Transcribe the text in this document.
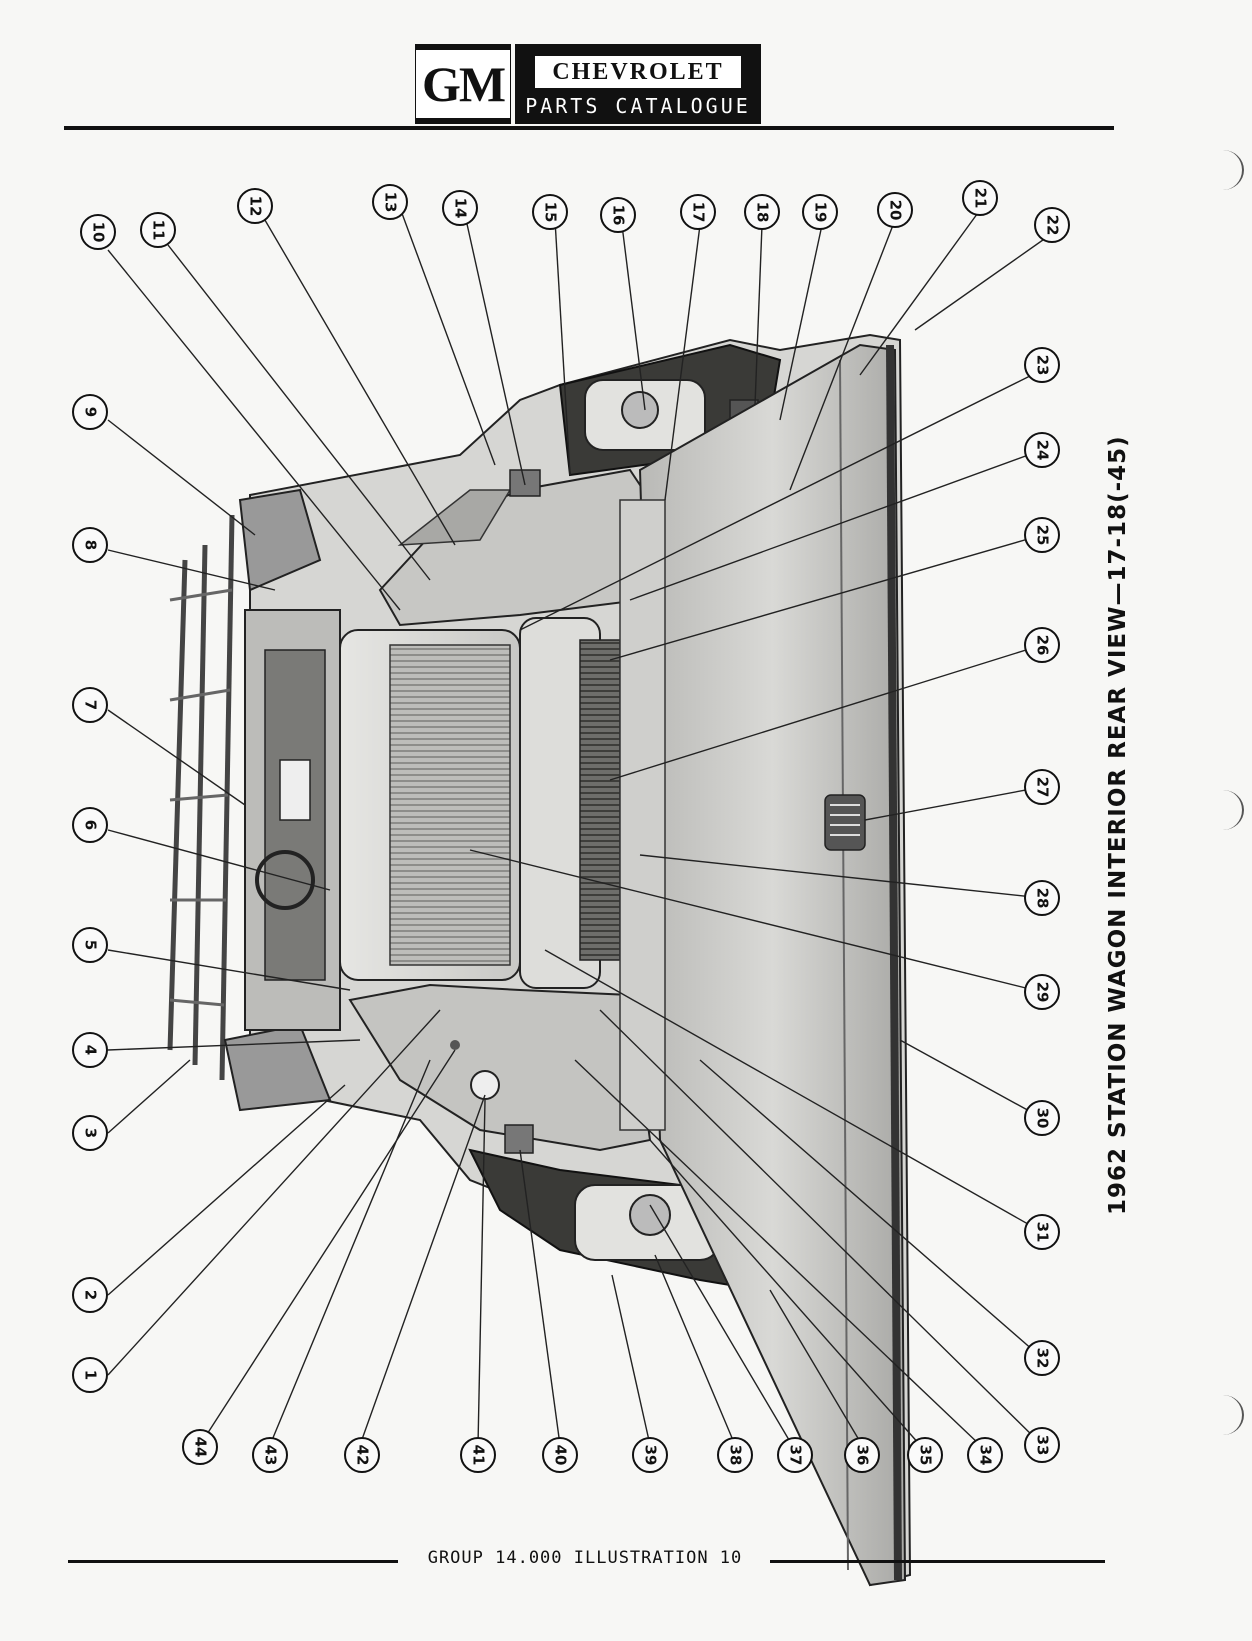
GM	CHEVROLET
PARTS CATALOGUE
1
2
3
4
5
6
7
8
9
10	11
12	13	14	15	16	17	18	19	20
21
22
23
24
25
26
27
28
29
30
31
32
33
34
35
36
37
38
39
40
41
42
43
44
1962 STATION WAGON INTERIOR REAR VIEW—17-18(-45)
GROUP 14.000 ILLUSTRATION 10
